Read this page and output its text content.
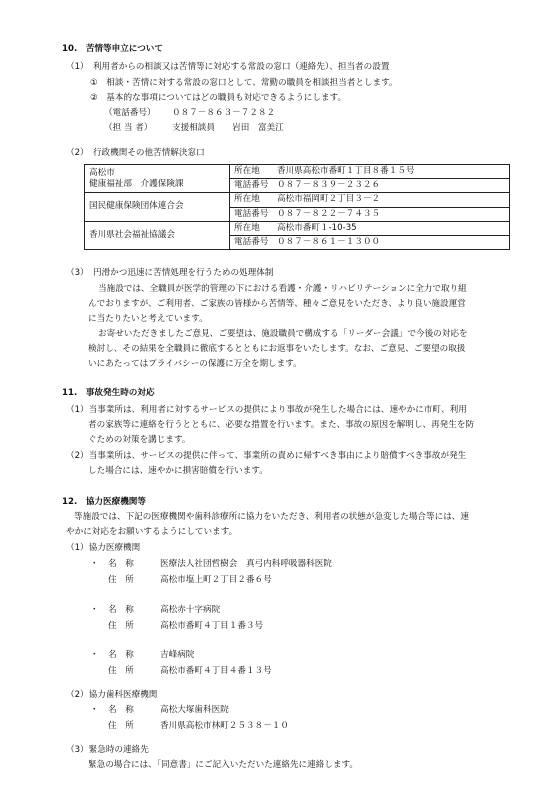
10.　苦情等申立について
（1）　利用者からの相談又は苦情等に対応する常設の窓口（連絡先）、担当者の設置
①　相談・苦情に対する常設の窓口として、常勤の職員を相談担当者とします。
②　基本的な事項についてはどの職員も対応できるようにします。
（電話番号） ０８７－８６３－７２８２
（担 当 者） 支援相談員　　岩田　富美江
（2）　行政機関その他苦情解決窓口
高松市
健康福祉部　介護保険課	所在地　　 香川県高松市番町１丁目８番１５号
	電話番号　 ０８７－８３９－２３２６
国民健康保険団体連合会	所在地　　 高松市福岡町２丁目３－２
	電話番号　 ０８７－８２２－７４３５
香川県社会福祉協議会	所在地　　 高松市番町１-10-35
	電話番号　 ０８７－８６１－１３００
（3）　円滑かつ迅速に苦情処理を行うための処理体制
当施設では、全職員が医学的管理の下における看護・介護・リハビリテーションに全力で取り組
んでおりますが、ご利用者、ご家族の皆様から苦情等、種々ご意見をいただき、より良い施設運営
に当たりたいと考えています。
お寄せいただきましたご意見、ご要望は、施設職員で構成する「リーダー会議」で今後の対応を
検討し、その結果を全職員に徹底するとともにお返事をいたします。なお、ご意見、ご要望の取扱
いにあたってはプライバシーの保護に万全を期します。
11.　事故発生時の対応
（1）当事業所は、利用者に対するサービスの提供により事故が発生した場合には、速やかに市町、利用
者の家族等に連絡を行うとともに、必要な措置を行います。また、事故の原因を解明し、再発生を防
ぐための対策を講じます。
（2）当事業所は、サービスの提供に伴って、事業所の責めに帰すべき事由により賠償すべき事故が発生
した場合には、速やかに損害賠償を行います。
12.　協力医療機関等
等施設では、下記の医療機関や歯科診療所に協力をいただき、利用者の状態が急変した場合等には、速
やかに対応をお願いするようにしています。
（1）協力医療機関
・ 名　称	医療法人社団哲樹会　真弓内科呼吸器科医院
住　所	高松市塩上町２丁目２番６号
・ 名　称	高松赤十字病院
住　所	高松市番町４丁目１番３号
・ 名　称	吉峰病院
住　所	高松市番町４丁目４番１３号
（2）協力歯科医療機関
・ 名　称	高松大塚歯科医院
住　所	香川県高松市林町２５３８－１０
（3）緊急時の連絡先
緊急の場合には、「同意書」にご記入いただいた連絡先に連絡します。
